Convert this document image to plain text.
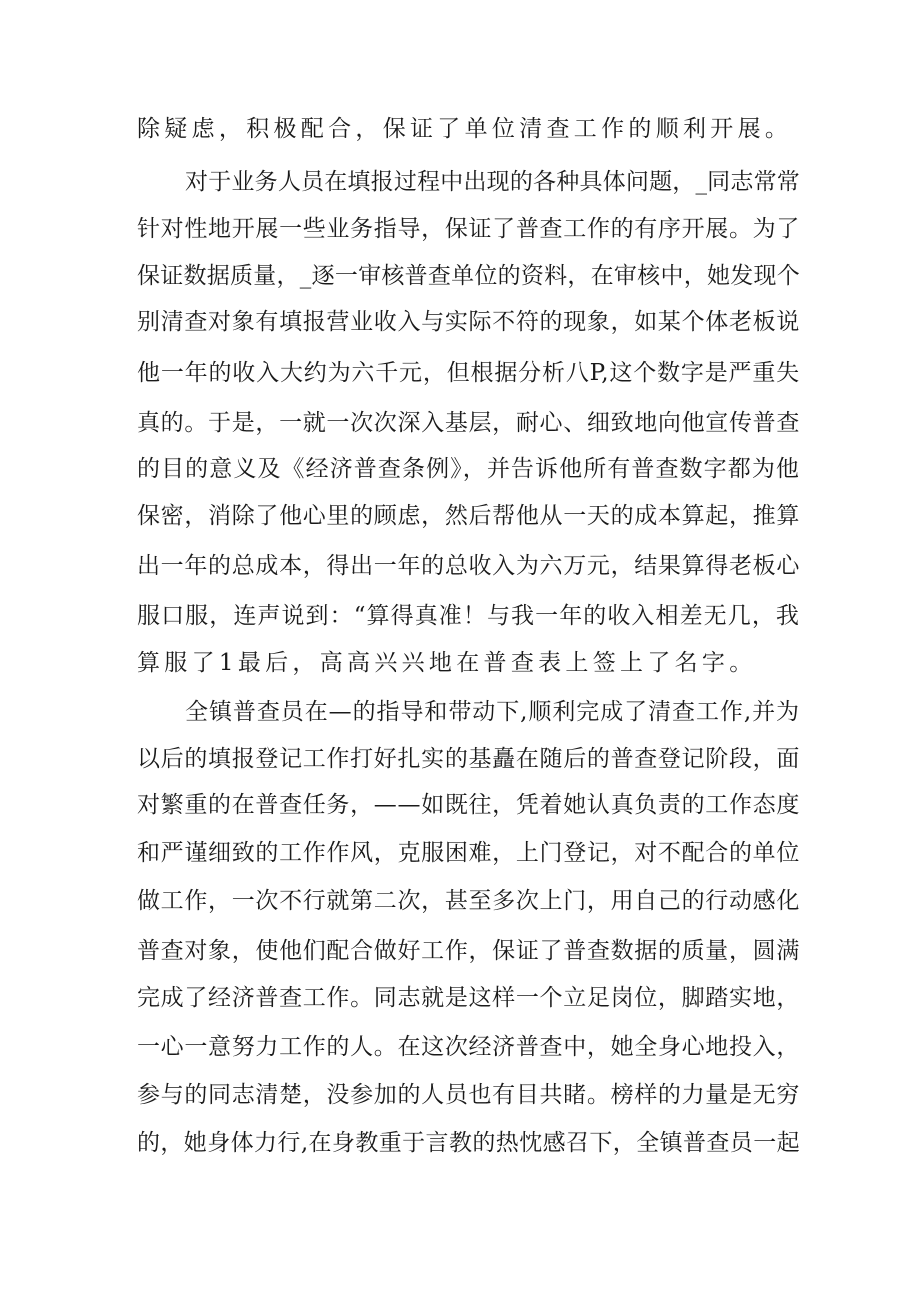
除疑虑，积极配合，保证了单位清查工作的顺利开展。
对于业务人员在填报过程中出现的各种具体问题，_同志常常
针对性地开展一些业务指导，保证了普查工作的有序开展。为了
保证数据质量，_逐一审核普查单位的资料，在审核中，她发现个
别清查对象有填报营业收入与实际不符的现象，如某个体老板说
他一年的收入大约为六千元，但根据分析八P,这个数字是严重失
真的。于是，一就一次次深入基层，耐心、细致地向他宣传普查
的目的意义及《经济普查条例》，并告诉他所有普查数字都为他
保密，消除了他心里的顾虑，然后帮他从一天的成本算起，推算
出一年的总成本，得出一年的总收入为六万元，结果算得老板心
服口服，连声说到：“算得真准！与我一年的收入相差无几，我
算服了1最后，高高兴兴地在普查表上签上了名字。
全镇普查员在—的指导和带动下,顺利完成了清查工作,并为
以后的填报登记工作打好扎实的基矗在随后的普查登记阶段，面
对繁重的在普查任务，——如既往，凭着她认真负责的工作态度
和严谨细致的工作作风，克服困难，上门登记，对不配合的单位
做工作，一次不行就第二次，甚至多次上门，用自己的行动感化
普查对象，使他们配合做好工作，保证了普查数据的质量，圆满
完成了经济普查工作。同志就是这样一个立足岗位，脚踏实地，
一心一意努力工作的人。在这次经济普查中，她全身心地投入，
参与的同志清楚，没参加的人员也有目共睹。榜样的力量是无穷
的，她身体力行,在身教重于言教的热忱感召下，全镇普查员一起
